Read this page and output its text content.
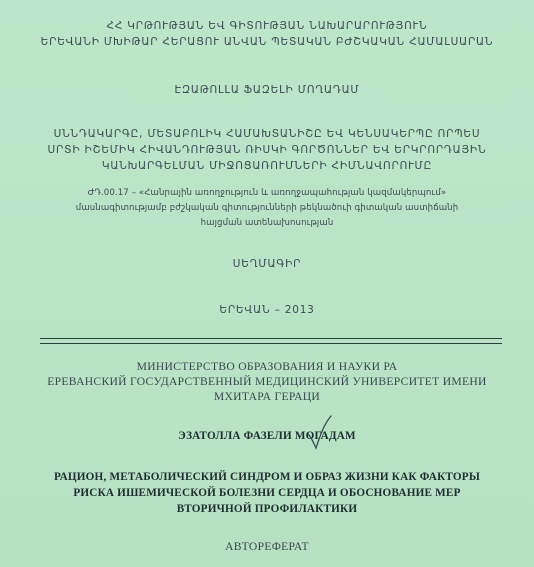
ՀՀ ԿՐԹՈՒԹՅԱՆ ԵՎ ԳԻՏՈՒԹՅԱՆ ՆԱԽԱՐԱՐՈՒԹՅՈՒՆ
ԵՐԵՎԱՆԻ ՄԽԻԹԱՐ ՀԵՐԱՑՈՒ ԱՆՎԱՆ ՊԵՏԱԿԱՆ ԲԺՇԿԱԿԱՆ ՀԱՄԱԼՍԱՐԱՆ
ԷԶԱԹՈԼԼԱ ՖԱԶԵԼԻ ՄՈՂԱԴԱՄ
ՍՆՆԴԱԿԱՐԳԸ, ՄԵՏԱԲՈԼԻԿ ՀԱՄԱԽՏԱՆԻՇԸ ԵՎ ԿԵՆՍԱԿԵՐՊԸ ՈՐՊԵՍ
ՍՐՏԻ ԻՇԵՄԻԿ ՀԻՎԱՆԴՈՒԹՅԱՆ ՌԻՍԿԻ ԳՈՐԾՈՆՆԵՐ ԵՎ ԵՐԿՐՈՐԴԱՅԻՆ
ԿԱՆԽԱՐԳԵԼՄԱՆ ՄԻՋՈՑԱՌՈՒՄՆԵՐԻ ՀԻՄՆԱՎՈՐՈՒՄԸ
ԺԴ.00.17 – «Հանրային առողջություն և առողջապահության կազմակերպում»
մասնագիտությամբ բժշկական գիտությունների թեկնածուի գիտական աստիճանի
հայցման ատենախոսության
ՍԵՂՄԱԳԻՐ
ԵՐԵՎԱՆ – 2013
МИНИСТЕРСТВО ОБРАЗОВАНИЯ И НАУКИ РА
ЕРЕВАНСКИЙ ГОСУДАРСТВЕННЫЙ МЕДИЦИНСКИЙ УНИВЕРСИТЕТ ИМЕНИ
МХИТАРА ГЕРАЦИ
ЭЗАТОЛЛА ФАЗЕЛИ МОГАДАМ
РАЦИОН, МЕТАБОЛИЧЕСКИЙ СИНДРОМ И ОБРАЗ ЖИЗНИ КАК ФАКТОРЫ
РИСКА ИШЕМИЧЕСКОЙ БОЛЕЗНИ СЕРДЦА И ОБОСНОВАНИЕ МЕР
ВТОРИЧНОЙ ПРОФИЛАКТИКИ
АВТОРЕФЕРАТ
